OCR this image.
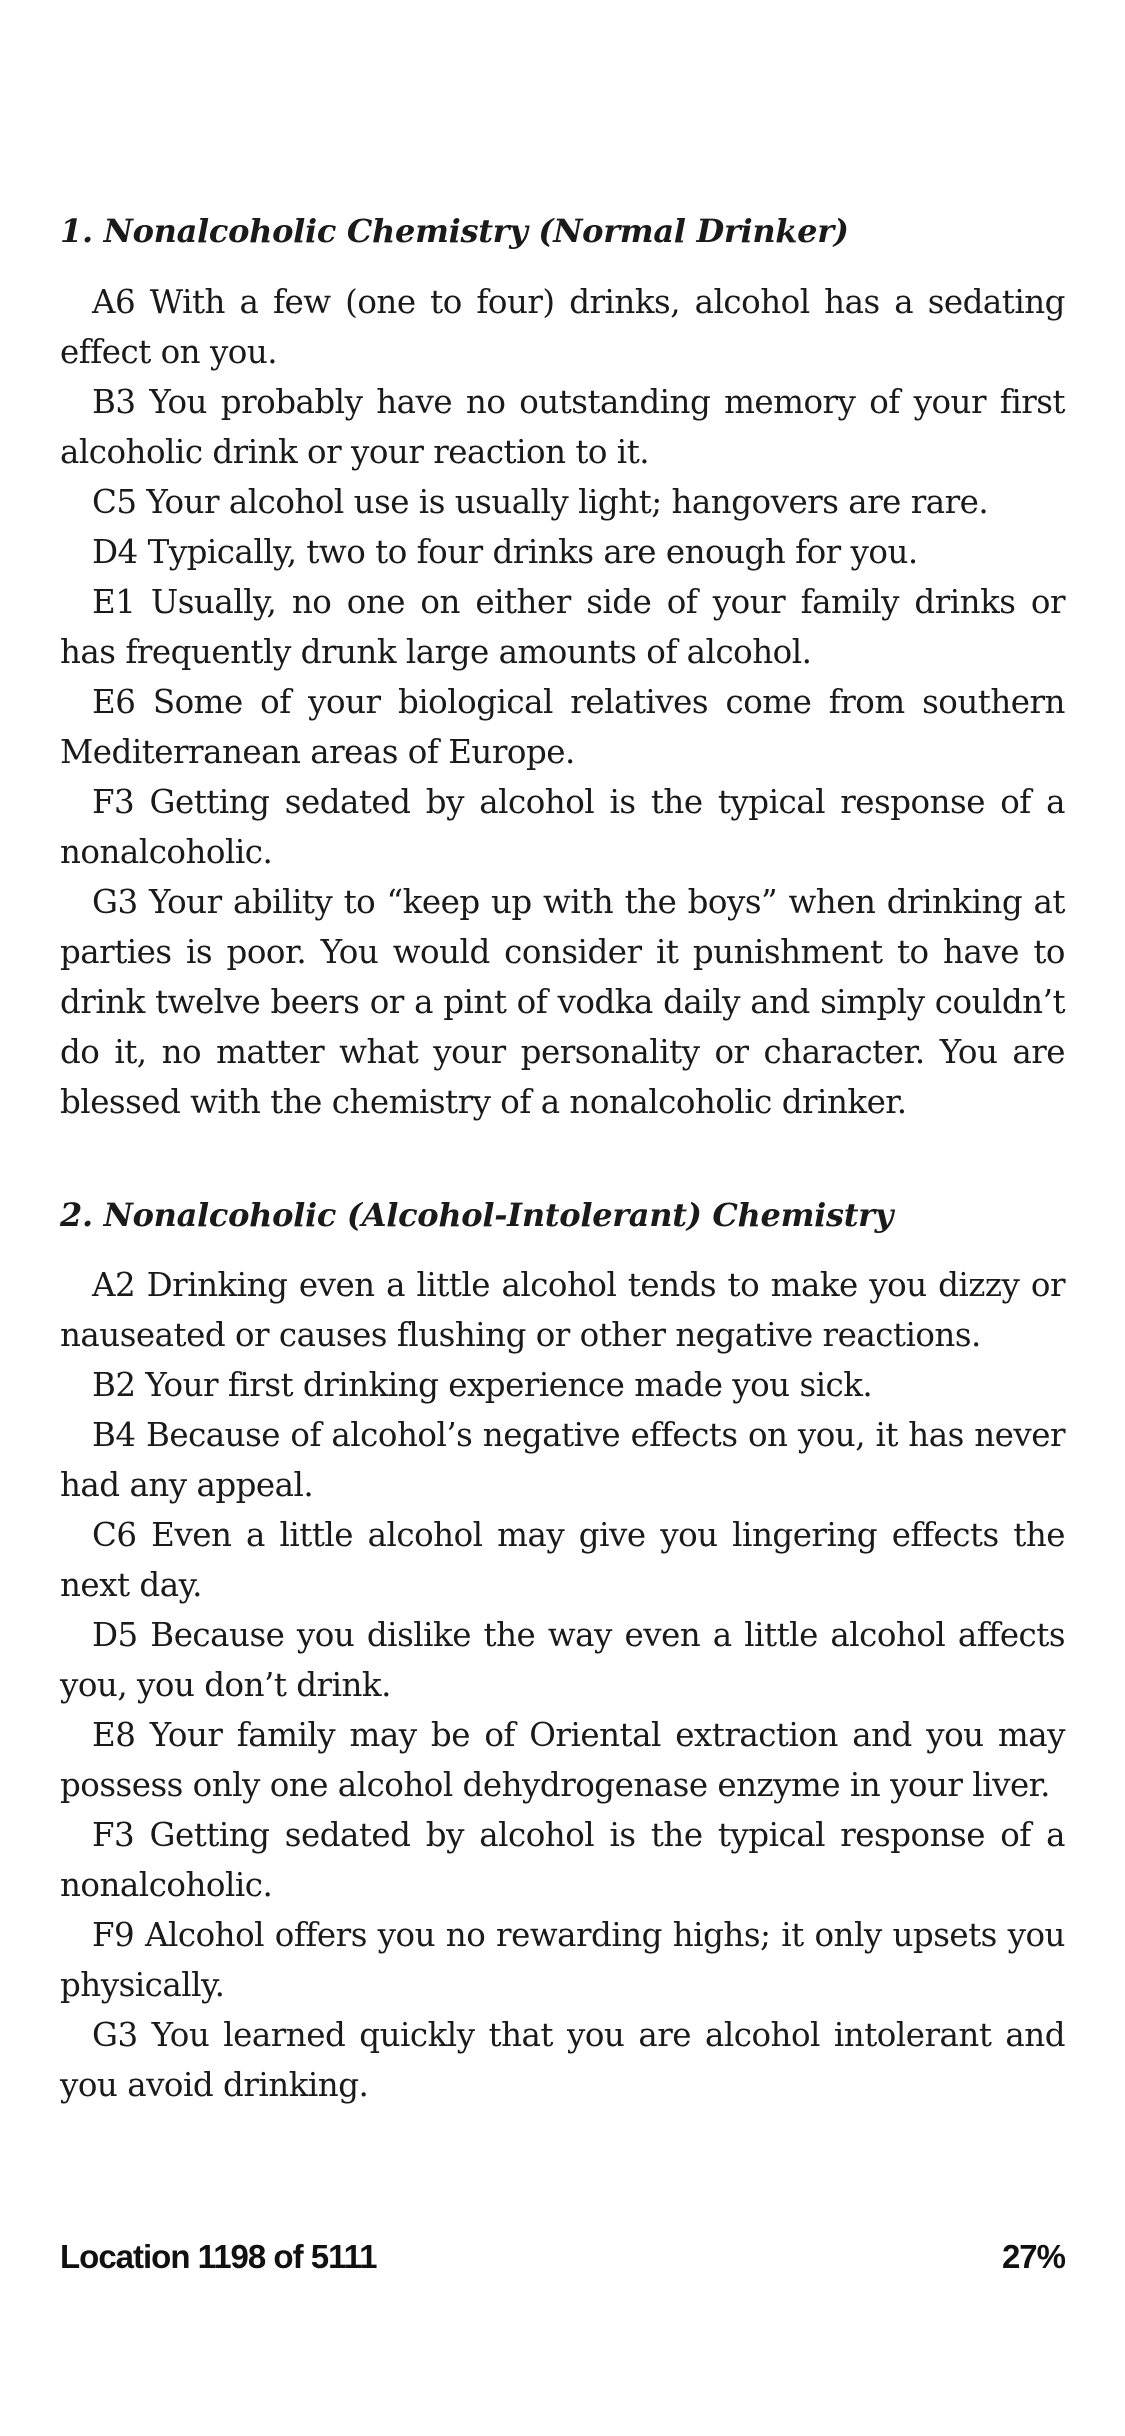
1. Nonalcoholic Chemistry (Normal Drinker)

A6 With a few (one to four) drinks, alcohol has a sedating effect on you.

B3 You probably have no outstanding memory of your first alcoholic drink or your reaction to it.

C5 Your alcohol use is usually light; hangovers are rare.

D4 Typically, two to four drinks are enough for you.

E1 Usually, no one on either side of your family drinks or has frequently drunk large amounts of alcohol.

E6 Some of your biological relatives come from southern Mediterranean areas of Europe.

F3 Getting sedated by alcohol is the typical response of a nonalcoholic.

G3 Your ability to “keep up with the boys” when drinking at parties is poor. You would consider it punishment to have to drink twelve beers or a pint of vodka daily and simply couldn’t do it, no matter what your personality or character. You are blessed with the chemistry of a nonalcoholic drinker.

2. Nonalcoholic (Alcohol-Intolerant) Chemistry

A2 Drinking even a little alcohol tends to make you dizzy or nauseated or causes flushing or other negative reactions.

B2 Your first drinking experience made you sick.

B4 Because of alcohol’s negative effects on you, it has never had any appeal.

C6 Even a little alcohol may give you lingering effects the next day.

D5 Because you dislike the way even a little alcohol affects you, you don’t drink.

E8 Your family may be of Oriental extraction and you may possess only one alcohol dehydrogenase enzyme in your liver.

F3 Getting sedated by alcohol is the typical response of a nonalcoholic.

F9 Alcohol offers you no rewarding highs; it only upsets you physically.

G3 You learned quickly that you are alcohol intolerant and you avoid drinking.

Location 1198 of 5111	27%
